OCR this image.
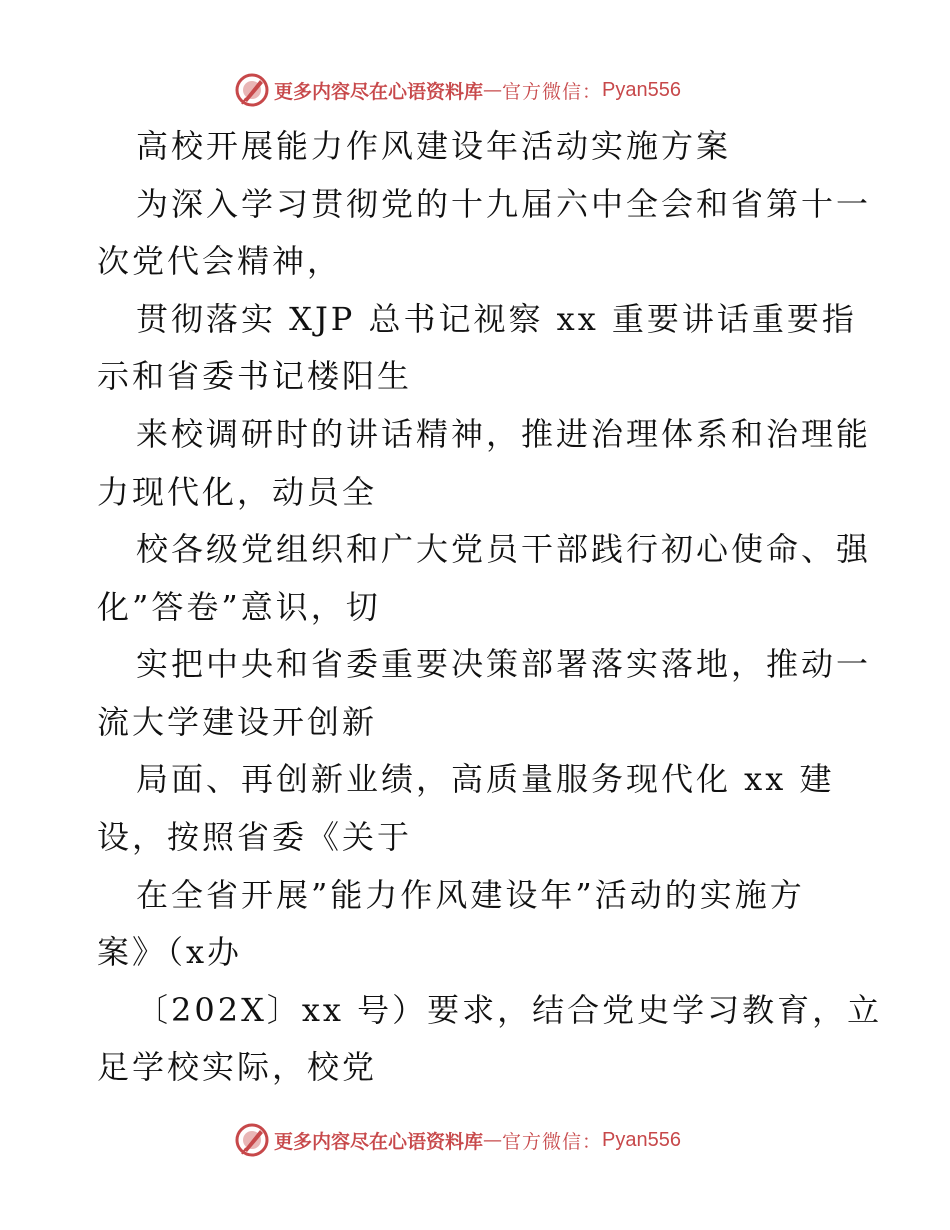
更多内容尽在心语资料库 — 官方微信： Pyan556
高校开展能力作风建设年活动实施方案
为深入学习贯彻党的十九届六中全会和省第十一
次党代会精神，
贯彻落实 XJP 总书记视察 xx 重要讲话重要指
示和省委书记楼阳生
来校调研时的讲话精神，推进治理体系和治理能
力现代化，动员全
校各级党组织和广大党员干部践行初心使命、强
化”答卷”意识，切
实把中央和省委重要决策部署落实落地，推动一
流大学建设开创新
局面、再创新业绩，高质量服务现代化 xx 建
设，按照省委《关于
在全省开展”能力作风建设年”活动的实施方
案》（x办
〔202X〕xx 号）要求，结合党史学习教育，立
足学校实际，校党
更多内容尽在心语资料库 — 官方微信： Pyan556
